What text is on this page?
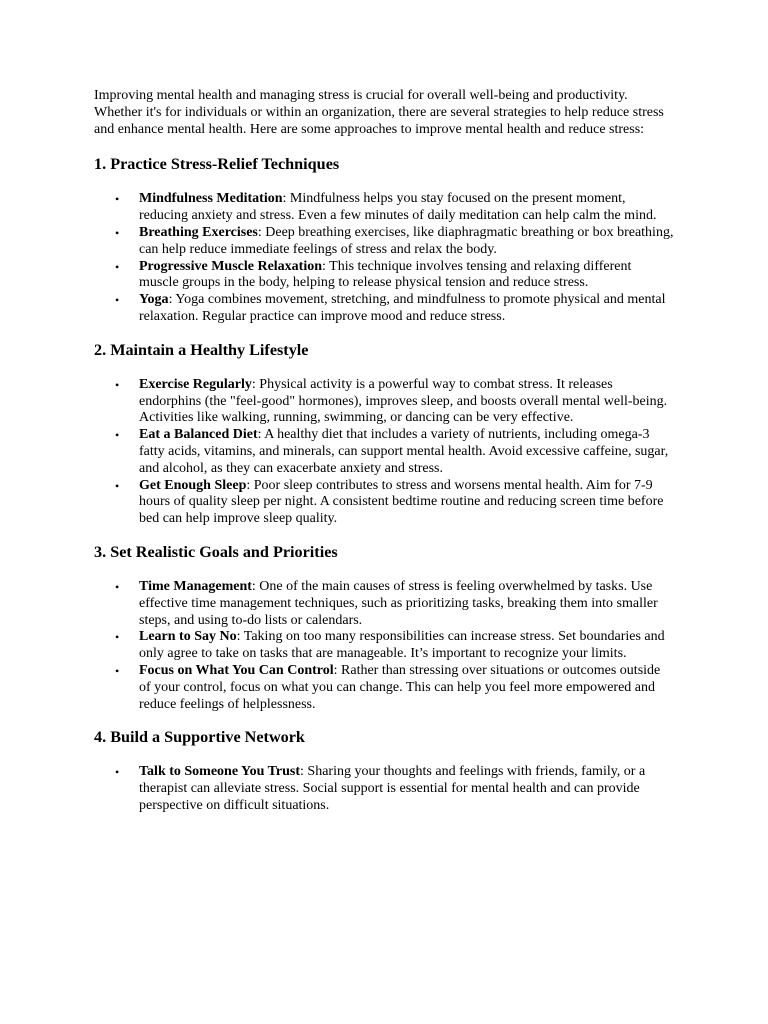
Improving mental health and managing stress is crucial for overall well-being and productivity. Whether it's for individuals or within an organization, there are several strategies to help reduce stress and enhance mental health. Here are some approaches to improve mental health and reduce stress:

1. Practice Stress-Relief Techniques
• Mindfulness Meditation: Mindfulness helps you stay focused on the present moment, reducing anxiety and stress. Even a few minutes of daily meditation can help calm the mind.
• Breathing Exercises: Deep breathing exercises, like diaphragmatic breathing or box breathing, can help reduce immediate feelings of stress and relax the body.
• Progressive Muscle Relaxation: This technique involves tensing and relaxing different muscle groups in the body, helping to release physical tension and reduce stress.
• Yoga: Yoga combines movement, stretching, and mindfulness to promote physical and mental relaxation. Regular practice can improve mood and reduce stress.
2. Maintain a Healthy Lifestyle
• Exercise Regularly: Physical activity is a powerful way to combat stress. It releases endorphins (the "feel-good" hormones), improves sleep, and boosts overall mental well-being. Activities like walking, running, swimming, or dancing can be very effective.
• Eat a Balanced Diet: A healthy diet that includes a variety of nutrients, including omega-3 fatty acids, vitamins, and minerals, can support mental health. Avoid excessive caffeine, sugar, and alcohol, as they can exacerbate anxiety and stress.
• Get Enough Sleep: Poor sleep contributes to stress and worsens mental health. Aim for 7-9 hours of quality sleep per night. A consistent bedtime routine and reducing screen time before bed can help improve sleep quality.
3. Set Realistic Goals and Priorities
• Time Management: One of the main causes of stress is feeling overwhelmed by tasks. Use effective time management techniques, such as prioritizing tasks, breaking them into smaller steps, and using to-do lists or calendars.
• Learn to Say No: Taking on too many responsibilities can increase stress. Set boundaries and only agree to take on tasks that are manageable. It’s important to recognize your limits.
• Focus on What You Can Control: Rather than stressing over situations or outcomes outside of your control, focus on what you can change. This can help you feel more empowered and reduce feelings of helplessness.
4. Build a Supportive Network
• Talk to Someone You Trust: Sharing your thoughts and feelings with friends, family, or a therapist can alleviate stress. Social support is essential for mental health and can provide perspective on difficult situations.
